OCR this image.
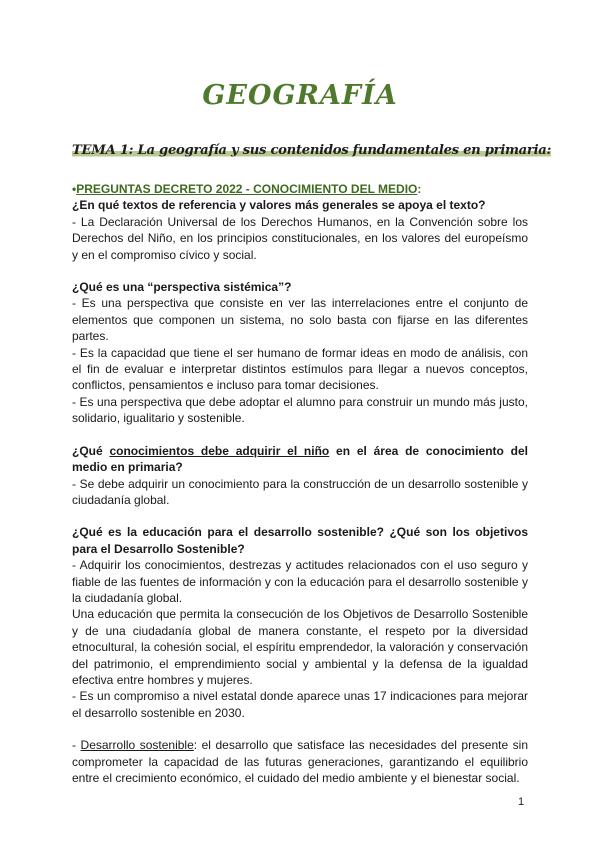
GEOGRAFÍA
TEMA 1: La geografía y sus contenidos fundamentales en primaria:

•PREGUNTAS DECRETO 2022 - CONOCIMIENTO DEL MEDIO:

¿En qué textos de referencia y valores más generales se apoya el texto?

- La Declaración Universal de los Derechos Humanos, en la Convención sobre los Derechos del Niño, en los principios constitucionales, en los valores del europeísmo y en el compromiso cívico y social.

¿Qué es una “perspectiva sistémica”?

- Es una perspectiva que consiste en ver las interrelaciones entre el conjunto de elementos que componen un sistema, no solo basta con fijarse en las diferentes partes.

- Es la capacidad que tiene el ser humano de formar ideas en modo de análisis, con el fin de evaluar e interpretar distintos estímulos para llegar a nuevos conceptos, conflictos, pensamientos e incluso para tomar decisiones.

- Es una perspectiva que debe adoptar el alumno para construir un mundo más justo, solidario, igualitario y sostenible.

¿Qué conocimientos debe adquirir el niño en el área de conocimiento del medio en primaria?

- Se debe adquirir un conocimiento para la construcción de un desarrollo sostenible y ciudadanía global.

¿Qué es la educación para el desarrollo sostenible? ¿Qué son los objetivos para el Desarrollo Sostenible?

- Adquirir los conocimientos, destrezas y actitudes relacionados con el uso seguro y fiable de las fuentes de información y con la educación para el desarrollo sostenible y la ciudadanía global.

Una educación que permita la consecución de los Objetivos de Desarrollo Sostenible y de una ciudadanía global de manera constante, el respeto por la diversidad etnocultural, la cohesión social, el espíritu emprendedor, la valoración y conservación del patrimonio, el emprendimiento social y ambiental y la defensa de la igualdad efectiva entre hombres y mujeres.

- Es un compromiso a nivel estatal donde aparece unas 17 indicaciones para mejorar el desarrollo sostenible en 2030.

- Desarrollo sostenible: el desarrollo que satisface las necesidades del presente sin comprometer la capacidad de las futuras generaciones, garantizando el equilibrio entre el crecimiento económico, el cuidado del medio ambiente y el bienestar social.

1
